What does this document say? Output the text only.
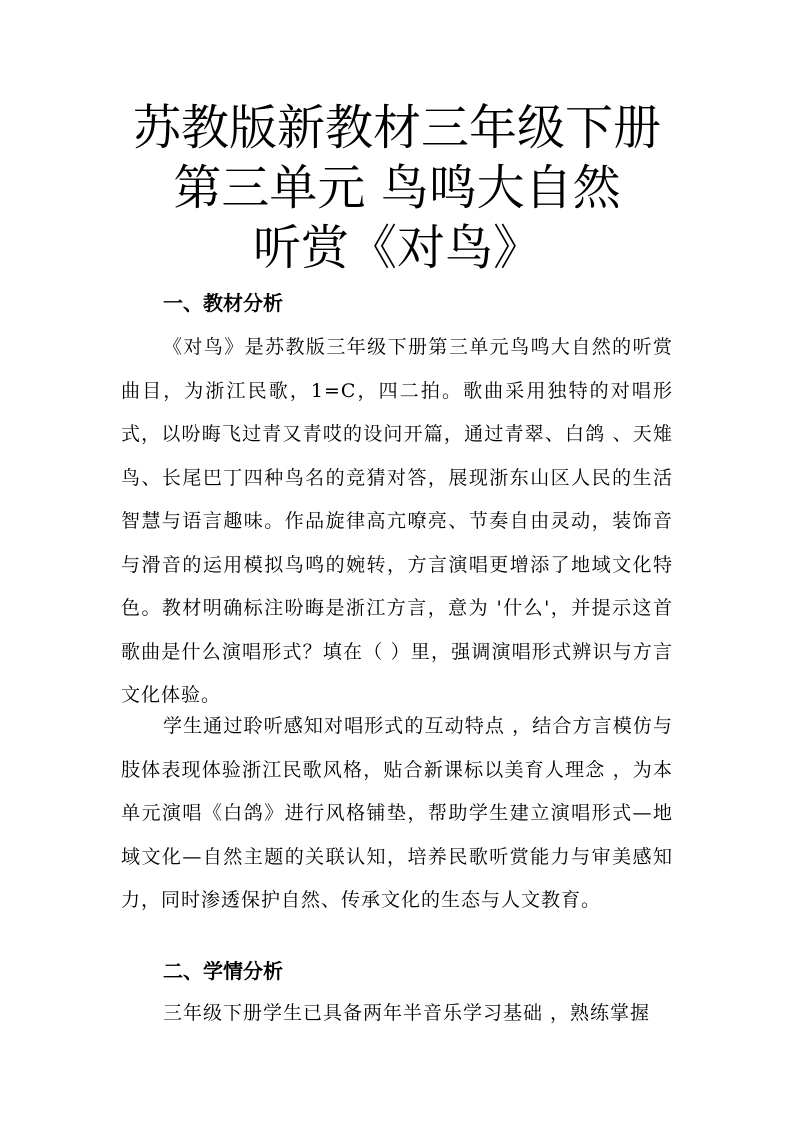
苏教版新教材三年级下册
第三单元 鸟鸣大自然
听赏《对鸟》
一、教材分析

《对鸟》是苏教版三年级下册第三单元鸟鸣大自然的听赏曲目，为浙江民歌，1=C，四二拍。歌曲采用独特的对唱形式，以吩晦飞过青又青哎的设问开篇，通过青翠、白鸽 、天雉鸟、长尾巴丁四种鸟名的竞猜对答，展现浙东山区人民的生活智慧与语言趣味。作品旋律高亢嘹亮、节奏自由灵动，装饰音与滑音的运用模拟鸟鸣的婉转，方言演唱更增添了地域文化特色。教材明确标注吩晦是浙江方言，意为 '什么'，并提示这首歌曲是什么演唱形式？填在（ ）里，强调演唱形式辨识与方言文化体验。

学生通过聆听感知对唱形式的互动特点 ，结合方言模仿与肢体表现体验浙江民歌风格，贴合新课标以美育人理念 ，为本单元演唱《白鸽》进行风格铺垫，帮助学生建立演唱形式—地域文化—自然主题的关联认知，培养民歌听赏能力与审美感知力，同时渗透保护自然、传承文化的生态与人文教育。

二、学情分析

三年级下册学生已具备两年半音乐学习基础 ，熟练掌握
